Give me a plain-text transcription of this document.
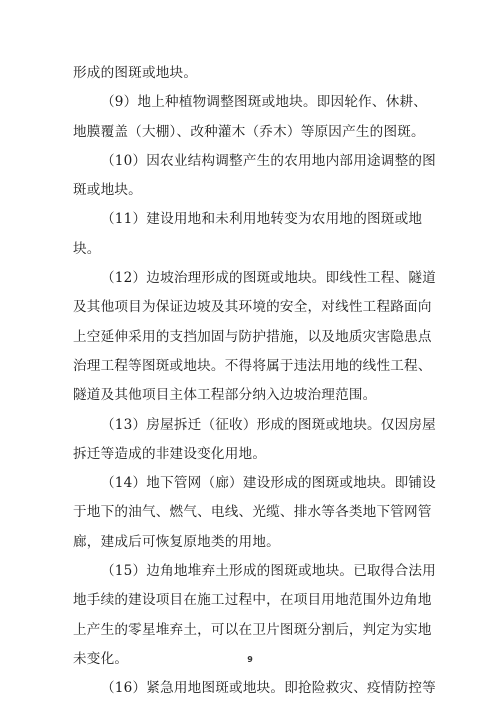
形成的图斑或地块。
（9）地上种植物调整图斑或地块。即因轮作、休耕、
地膜覆盖（大棚）、改种灌木（乔木）等原因产生的图斑。
（10）因农业结构调整产生的农用地内部用途调整的图
斑或地块。
（11）建设用地和未利用地转变为农用地的图斑或地
块。
（12）边坡治理形成的图斑或地块。即线性工程、隧道
及其他项目为保证边坡及其环境的安全，对线性工程路面向
上空延伸采用的支挡加固与防护措施，以及地质灾害隐患点
治理工程等图斑或地块。不得将属于违法用地的线性工程、
隧道及其他项目主体工程部分纳入边坡治理范围。
（13）房屋拆迁（征收）形成的图斑或地块。仅因房屋
拆迁等造成的非建设变化用地。
（14）地下管网（廊）建设形成的图斑或地块。即铺设
于地下的油气、燃气、电线、光缆、排水等各类地下管网管
廊，建成后可恢复原地类的用地。
（15）边角地堆弃土形成的图斑或地块。已取得合法用
地手续的建设项目在施工过程中，在项目用地范围外边角地
上产生的零星堆弃土，可以在卫片图斑分割后，判定为实地
未变化。
（16）紧急用地图斑或地块。即抢险救灾、疫情防控等
9
